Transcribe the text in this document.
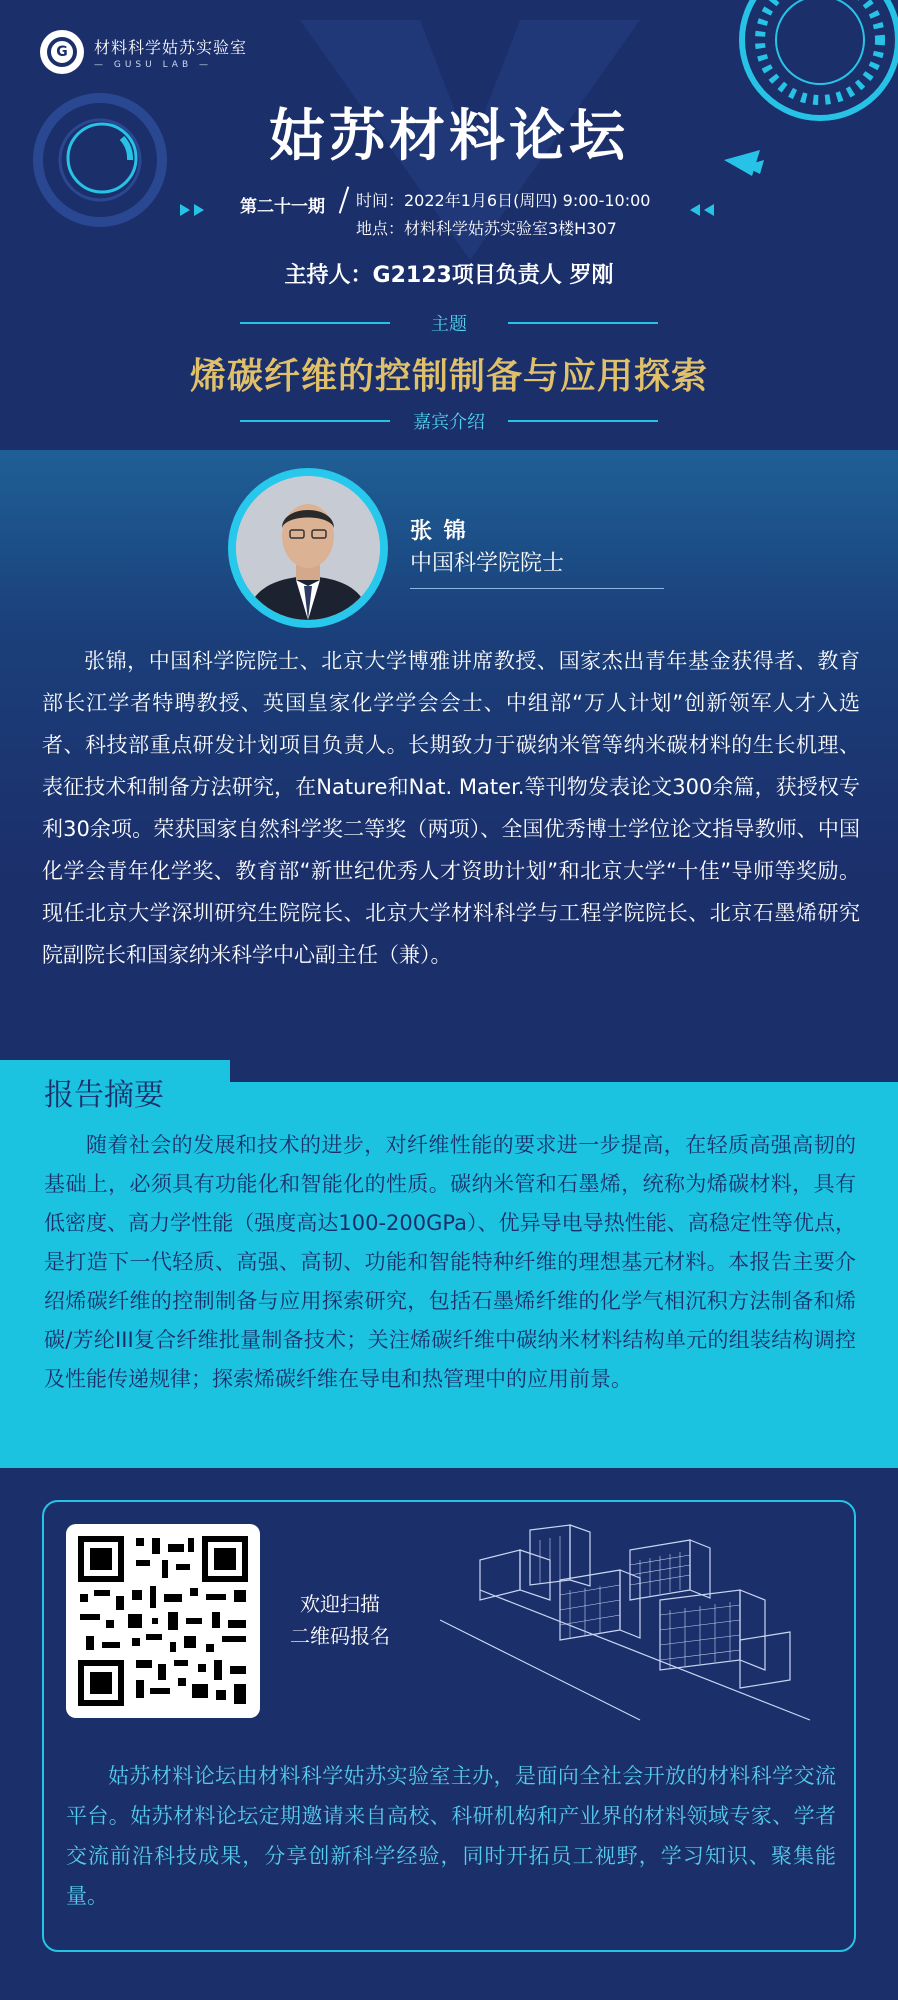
G	材料科学姑苏实验室
— GUSU LAB —
姑苏材料论坛
第二十一期 时间：2022年1月6日(周四) 9:00-10:00
地点：材料科学姑苏实验室3楼H307
主持人：G2123项目负责人 罗刚
主题
烯碳纤维的控制制备与应用探索
嘉宾介绍
张 锦
中国科学院院士
张锦，中国科学院院士、北京大学博雅讲席教授、国家杰出青年基金获得者、教育部长江学者特聘教授、英国皇家化学学会会士、中组部“万人计划”创新领军人才入选者、科技部重点研发计划项目负责人。长期致力于碳纳米管等纳米碳材料的生长机理、表征技术和制备方法研究，在Nature和Nat. Mater.等刊物发表论文300余篇，获授权专利30余项。荣获国家自然科学奖二等奖（两项）、全国优秀博士学位论文指导教师、中国化学会青年化学奖、教育部“新世纪优秀人才资助计划”和北京大学“十佳”导师等奖励。现任北京大学深圳研究生院院长、北京大学材料科学与工程学院院长、北京石墨烯研究院副院长和国家纳米科学中心副主任（兼）。
报告摘要
随着社会的发展和技术的进步，对纤维性能的要求进一步提高，在轻质高强高韧的基础上，必须具有功能化和智能化的性质。碳纳米管和石墨烯，统称为烯碳材料，具有低密度、高力学性能（强度高达100-200GPa）、优异导电导热性能、高稳定性等优点，是打造下一代轻质、高强、高韧、功能和智能特种纤维的理想基元材料。本报告主要介绍烯碳纤维的控制制备与应用探索研究，包括石墨烯纤维的化学气相沉积方法制备和烯碳/芳纶III复合纤维批量制备技术；关注烯碳纤维中碳纳米材料结构单元的组装结构调控及性能传递规律；探索烯碳纤维在导电和热管理中的应用前景。
欢迎扫描
二维码报名
姑苏材料论坛由材料科学姑苏实验室主办，是面向全社会开放的材料科学交流平台。姑苏材料论坛定期邀请来自高校、科研机构和产业界的材料领域专家、学者交流前沿科技成果，分享创新科学经验，同时开拓员工视野，学习知识、聚集能量。
